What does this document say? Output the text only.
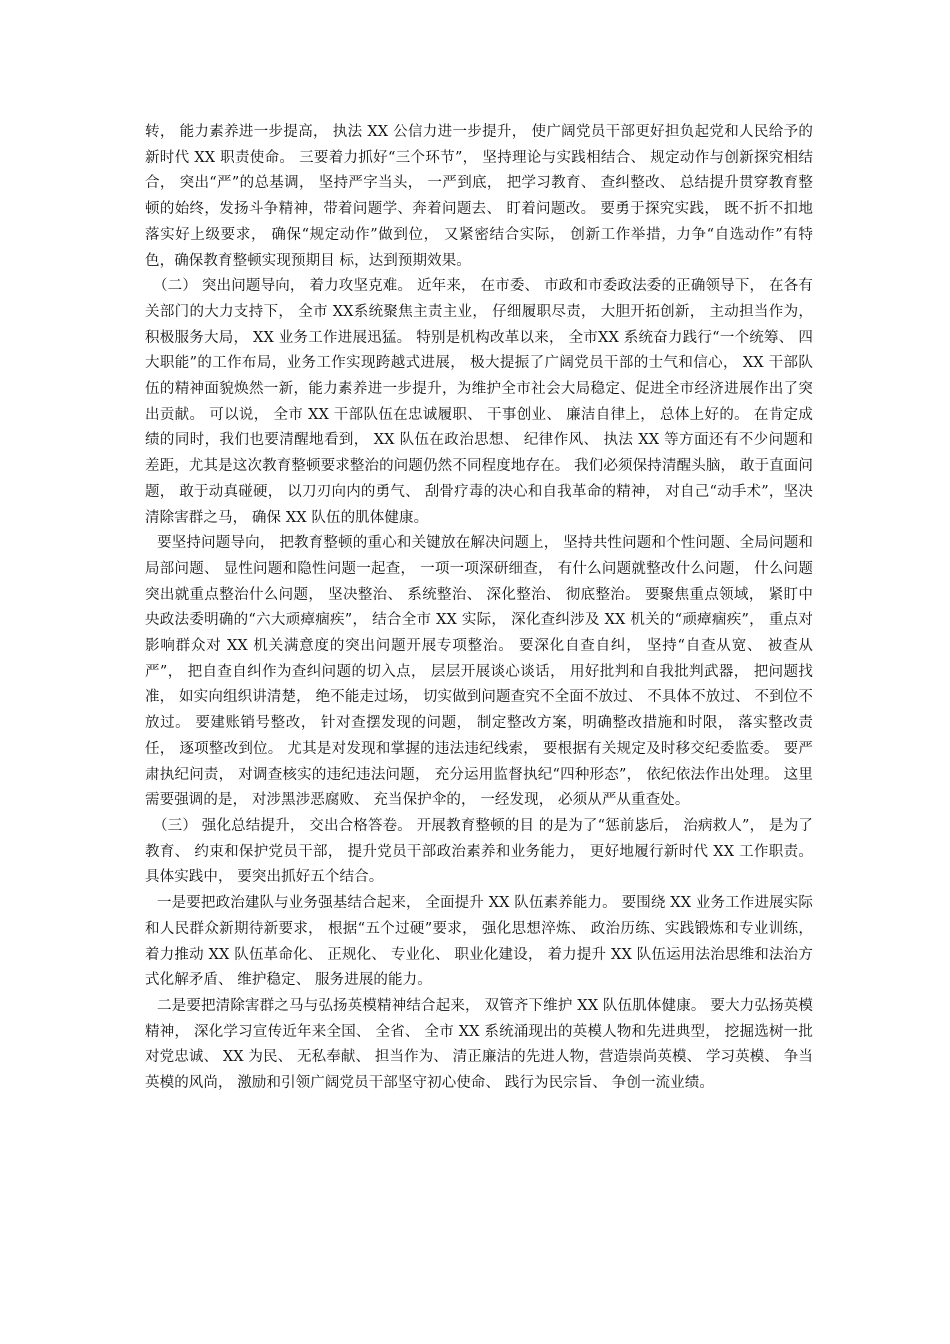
转， 能力素养进一步提高， 执法 XX 公信力进一步提升， 使广阔党员干部更好担负起党和人民给予的新时代 XX 职责使命。 三要着力抓好“三个环节”， 坚持理论与实践相结合、 规定动作与创新探究相结合， 突出“严”的总基调， 坚持严字当头， 一严到底， 把学习教育、 查纠整改、 总结提升贯穿教育整顿的始终，发扬斗争精神，带着问题学、奔着问题去、 盯着问题改。 要勇于探究实践， 既不折不扣地落实好上级要求， 确保“规定动作”做到位， 又紧密结合实际， 创新工作举措，力争“自选动作”有特色，确保教育整顿实现预期目 标，达到预期效果。

（二） 突出问题导向， 着力攻坚克难。 近年来， 在市委、 市政和市委政法委的正确领导下， 在各有关部门的大力支持下， 全市 XX系统聚焦主责主业， 仔细履职尽责， 大胆开拓创新， 主动担当作为，积极服务大局， XX 业务工作进展迅猛。 特别是机构改革以来， 全市XX 系统奋力践行“一个统筹、 四大职能”的工作布局，业务工作实现跨越式进展， 极大提振了广阔党员干部的士气和信心， XX 干部队伍的精神面貌焕然一新，能力素养进一步提升，为维护全市社会大局稳定、促进全市经济进展作出了突出贡献。 可以说， 全市 XX 干部队伍在忠诚履职、 干事创业、 廉洁自律上， 总体上好的。 在肯定成绩的同时，我们也要清醒地看到， XX 队伍在政治思想、 纪律作风、 执法 XX 等方面还有不少问题和差距，尤其是这次教育整顿要求整治的问题仍然不同程度地存在。 我们必须保持清醒头脑， 敢于直面问题， 敢于动真碰硬， 以刀刃向内的勇气、 刮骨疗毒的决心和自我革命的精神， 对自己“动手术”，坚决清除害群之马， 确保 XX 队伍的肌体健康。

要坚持问题导向， 把教育整顿的重心和关键放在解决问题上， 坚持共性问题和个性问题、全局问题和局部问题、 显性问题和隐性问题一起查， 一项一项深研细查， 有什么问题就整改什么问题， 什么问题突出就重点整治什么问题， 坚决整治、 系统整治、 深化整治、 彻底整治。 要聚焦重点领域， 紧盯中央政法委明确的“六大顽瘴痼疾”， 结合全市 XX 实际， 深化查纠涉及 XX 机关的“顽瘴痼疾”， 重点对影响群众对 XX 机关满意度的突出问题开展专项整治。 要深化自查自纠， 坚持“自查从宽、 被查从严”， 把自查自纠作为查纠问题的切入点， 层层开展谈心谈话， 用好批判和自我批判武器， 把问题找准， 如实向组织讲清楚， 绝不能走过场， 切实做到问题查究不全面不放过、 不具体不放过、 不到位不放过。 要建账销号整改， 针对查摆发现的问题， 制定整改方案，明确整改措施和时限， 落实整改责任， 逐项整改到位。 尤其是对发现和掌握的违法违纪线索， 要根据有关规定及时移交纪委监委。 要严肃执纪问责， 对调查核实的违纪违法问题， 充分运用监督执纪“四种形态”， 依纪依法作出处理。 这里需要强调的是， 对涉黑涉恶腐败、 充当保护伞的， 一经发现， 必须从严从重查处。

（三） 强化总结提升， 交出合格答卷。 开展教育整顿的目 的是为了“惩前毖后， 治病救人”， 是为了教育、 约束和保护党员干部， 提升党员干部政治素养和业务能力， 更好地履行新时代 XX 工作职责。 具体实践中， 要突出抓好五个结合。

一是要把政治建队与业务强基结合起来， 全面提升 XX 队伍素养能力。 要围绕 XX 业务工作进展实际和人民群众新期待新要求， 根据“五个过硬”要求， 强化思想淬炼、 政治历练、实践锻炼和专业训练， 着力推动 XX 队伍革命化、 正规化、 专业化、 职业化建设， 着力提升 XX 队伍运用法治思维和法治方式化解矛盾、 维护稳定、 服务进展的能力。

二是要把清除害群之马与弘扬英模精神结合起来， 双管齐下维护 XX 队伍肌体健康。 要大力弘扬英模精神， 深化学习宣传近年来全国、 全省、 全市 XX 系统涌现出的英模人物和先进典型， 挖掘选树一批对党忠诚、 XX 为民、 无私奉献、 担当作为、 清正廉洁的先进人物，营造崇尚英模、 学习英模、 争当英模的风尚， 激励和引领广阔党员干部坚守初心使命、 践行为民宗旨、 争创一流业绩。
